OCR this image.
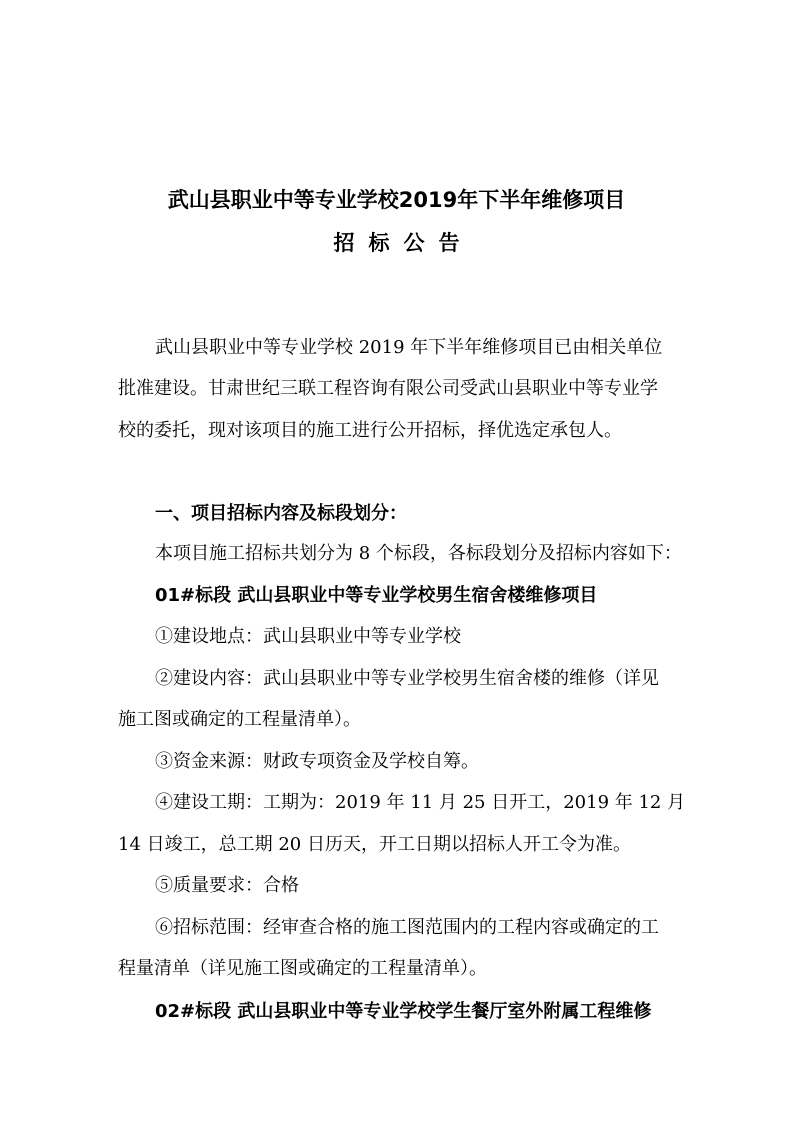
武山县职业中等专业学校2019年下半年维修项目
招标公告
武山县职业中等专业学校 2019 年下半年维修项目已由相关单位
批准建设。甘肃世纪三联工程咨询有限公司受武山县职业中等专业学
校的委托，现对该项目的施工进行公开招标，择优选定承包人。
一、项目招标内容及标段划分：
本项目施工招标共划分为 8 个标段，各标段划分及招标内容如下：
01#标段 武山县职业中等专业学校男生宿舍楼维修项目
①建设地点：武山县职业中等专业学校
②建设内容：武山县职业中等专业学校男生宿舍楼的维修（详见
施工图或确定的工程量清单）。
③资金来源：财政专项资金及学校自筹。
④建设工期：工期为：2019 年 11 月 25 日开工，2019 年 12 月
14 日竣工，总工期 20 日历天，开工日期以招标人开工令为准。
⑤质量要求：合格
⑥招标范围：经审查合格的施工图范围内的工程内容或确定的工
程量清单（详见施工图或确定的工程量清单）。
02#标段 武山县职业中等专业学校学生餐厅室外附属工程维修
